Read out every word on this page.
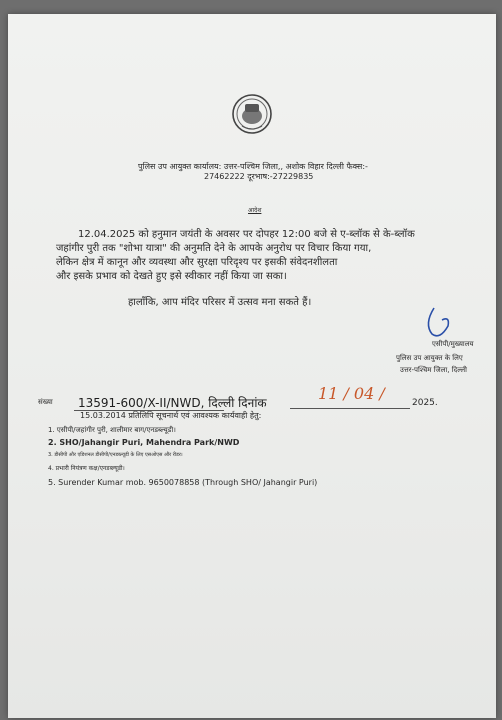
पुलिस उप आयुक्त कार्यालय: उत्तर-पश्चिम जिला,, अशोक विहार दिल्ली फैक्स:-
27462222 दूरभाष:-27229835
आदेश
12.04.2025 को हनुमान जयंती के अवसर पर दोपहर 12:00 बजे से ए-ब्लॉक से के-ब्लॉक
जहांगीर पुरी तक "शोभा यात्रा" की अनुमति देने के आपके अनुरोध पर विचार किया गया,
लेकिन क्षेत्र में कानून और व्यवस्था और सुरक्षा परिदृश्य पर इसकी संवेदनशीलता
और इसके प्रभाव को देखते हुए इसे स्वीकार नहीं किया जा सका।
हालाँकि, आप मंदिर परिसर में उत्सव मना सकते हैं।
एसीपी/मुख्यालय
पुलिस उप आयुक्त के लिए
उत्तर-पश्चिम जिला, दिल्ली
संख्या 13591-600/X-II/NWD, दिल्ली दिनांक	11 / 04 /	2025.
15.03.2014 प्रतिलिपि सूचनार्थ एवं आवश्यक कार्यवाही हेतु:
1. एसीपी/जहांगीर पुरी, शालीमार बाग/एनडब्ल्यूडी।
2. SHO/Jahangir Puri, Mahendra Park/NWD
3. डीसीपी और एडिशनल डीसीपी/एनडब्ल्यूडी के लिए एसओएस और रीडर।
4. प्रभारी नियंत्रण कक्ष/एनडब्ल्यूडी।
5. Surender Kumar mob. 9650078858 (Through SHO/ Jahangir Puri)
